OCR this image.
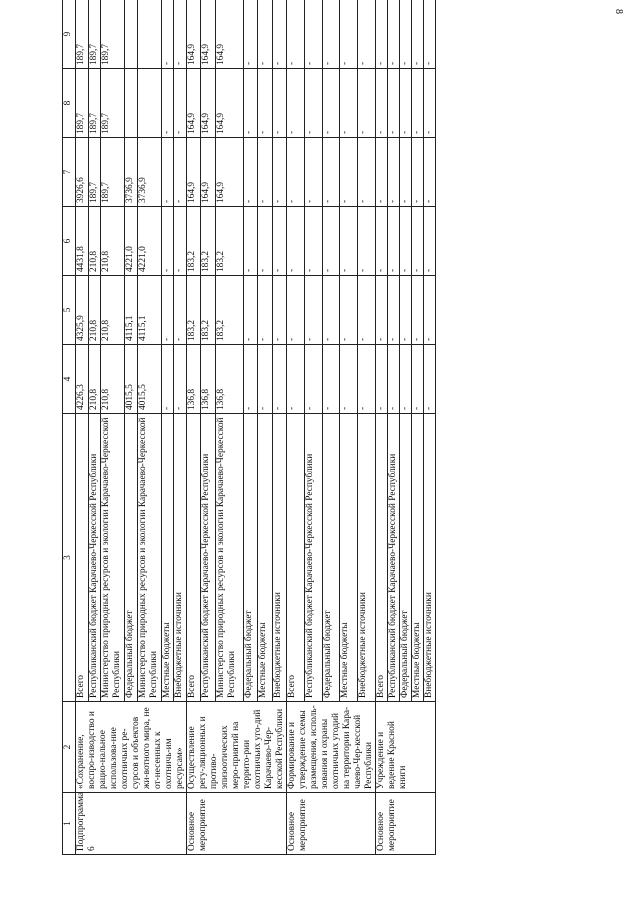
8
1	2	3	4	5	6	7	8	9
Подпрограмма 6	«Сохранение, воспро-изводство и рацио-нальное использова-ние охотничьих ре-сурсов и объектов жи-вотного мира, не от-несенных к охотничь-им ресурсам»	Всего	4226,3	4325,9	4431,8	3926,6	189,7	189,7
		Республиканский бюджет Карачаево-Черкесской Республики	210,8	210,8	210,8	189,7	189,7	189,7
		Министерство природных ресурсов и экологии Карачаево-Черкесской Республики	210,8	210,8	210,8	189,7	189,7	189,7
		Федеральный бюджет	4015,5	4115,1	4221,0	3736,9		
		Министерство природных ресурсов и экологии Карачаево-Черкесской Республики	4015,5	4115,1	4221,0	3736,9		
		Местные бюджеты	-	-	-	-	-	-
		Внебюджетные источники	-	-	-	-	-	-
Основное мероприятие	Осуществление регу-ляционных и противо-эпизоотических меро-приятий на террито-рии охотничьих уго-дий Карачаево-Чер-кесской Республики	Всего	136,8	183,2	183,2	164,9	164,9	164,9
		Республиканский бюджет Карачаево-Черкесской Республики	136,8	183,2	183,2	164,9	164,9	164,9
		Министерство природных ресурсов и экологии Карачаево-Черкесской Республики	136,8	183,2	183,2	164,9	164,9	164,9
		Федеральный бюджет	-	-	-	-	-	-
		Местные бюджеты	-	-	-	-	-	-
		Внебюджетные источники	-	-	-	-	-	-
Основное мероприятие	Формирование и утверждение схемы размещения, исполь-зования и охраны охотничьих угодий на территории Кара-чаево-Чер-кесской Республики	Всего	-	-	-	-	-	-
		Республиканский бюджет Карачаево-Черкесской Республики	-	-	-	-	-	-
		Федеральный бюджет	-	-	-	-	-	-
		Местные бюджеты	-	-	-	-	-	-
		Внебюджетные источники	-	-	-	-	-	-
Основное мероприятие	Учреждение и ведение Красной книги	Всего	-	-	-	-	-	-
		Республиканский бюджет Карачаево-Черкесской Республики	-	-	-	-	-	-
		Федеральный бюджет	-	-	-	-	-	-
		Местные бюджеты	-	-	-	-	-	-
		Внебюджетные источники	-	-	-	-	-	-
